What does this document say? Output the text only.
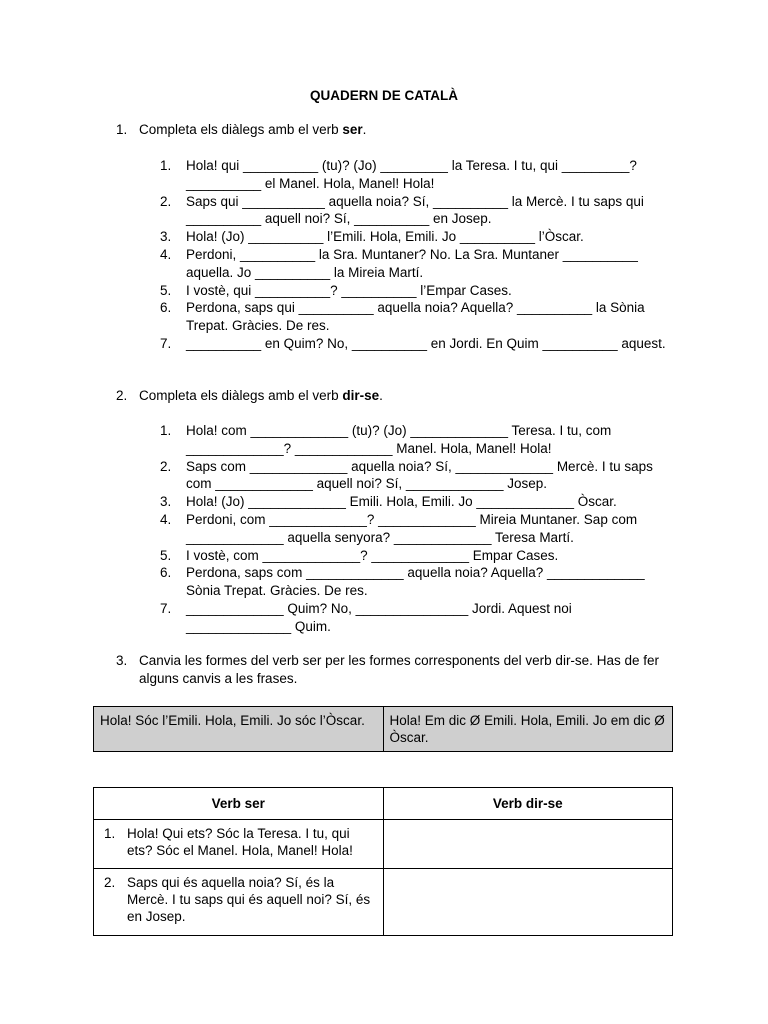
QUADERN DE CATALÀ
1. Completa els diàlegs amb el verb ser.
1. Hola! qui __________ (tu)? (Jo) _________ la Teresa. I tu, qui _________? __________ el Manel. Hola, Manel! Hola!
2. Saps qui ___________ aquella noia? Sí, __________ la Mercè. I tu saps qui __________ aquell noi? Sí, __________ en Josep.
3. Hola! (Jo) __________ l’Emili. Hola, Emili. Jo __________ l’Òscar.
4. Perdoni, __________ la Sra. Muntaner? No. La Sra. Muntaner __________ aquella. Jo __________ la Mireia Martí.
5. I vostè, qui __________? __________ l’Empar Cases.
6. Perdona, saps qui __________ aquella noia? Aquella? __________ la Sònia Trepat. Gràcies. De res.
7. __________ en Quim? No, __________ en Jordi. En Quim __________ aquest.
2. Completa els diàlegs amb el verb dir-se.
1. Hola! com _____________ (tu)? (Jo) _____________ Teresa. I tu, com _____________? _____________ Manel. Hola, Manel! Hola!
2. Saps com _____________ aquella noia? Sí, _____________ Mercè. I tu saps com _____________ aquell noi? Sí, _____________ Josep.
3. Hola! (Jo) _____________ Emili. Hola, Emili. Jo _____________ Òscar.
4. Perdoni, com _____________? _____________ Mireia Muntaner. Sap com _____________ aquella senyora? _____________ Teresa Martí.
5. I vostè, com _____________? _____________ Empar Cases.
6. Perdona, saps com _____________ aquella noia? Aquella? _____________ Sònia Trepat. Gràcies. De res.
7. _____________ Quim? No, _______________ Jordi. Aquest noi ______________ Quim.
3. Canvia les formes del verb ser per les formes corresponents del verb dir-se. Has de fer alguns canvis a les frases.
Hola! Sóc l’Emili. Hola, Emili. Jo sóc l’Òscar.	Hola! Em dic Ø Emili. Hola, Emili. Jo em dic Ø Òscar.
Verb ser	Verb dir-se

1. Hola! Qui ets? Sóc la Teresa. I tu, qui ets? Sóc el Manel. Hola, Manel! Hola!	

2. Saps qui és aquella noia? Sí, és la Mercè. I tu saps qui és aquell noi? Sí, és en Josep.	
